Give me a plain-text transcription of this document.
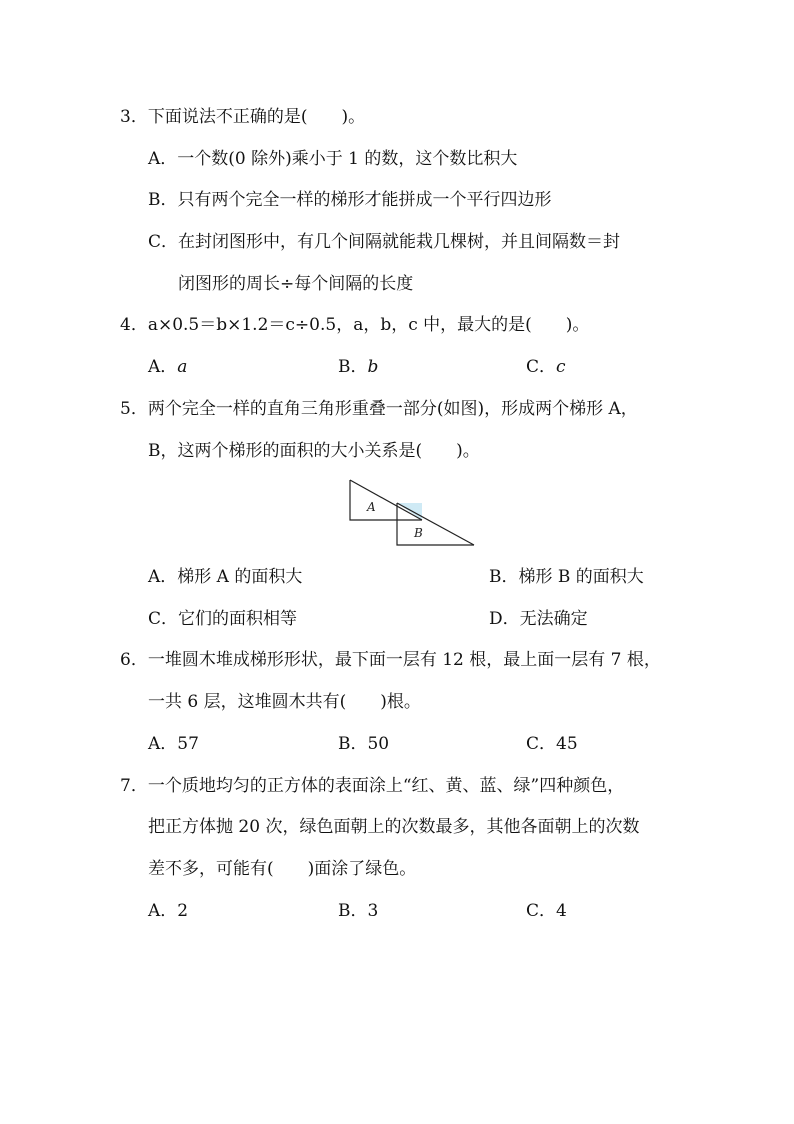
3．下面说法不正确的是(　　)。
A．一个数(0 除外)乘小于 1 的数，这个数比积大
B．只有两个完全一样的梯形才能拼成一个平行四边形
C．在封闭图形中，有几个间隔就能栽几棵树，并且间隔数＝封
闭图形的周长÷每个间隔的长度
4．a×0.5＝b×1.2＝c÷0.5，a，b，c 中，最大的是(　　)。
A．a	B．b	C．c
5．两个完全一样的直角三角形重叠一部分(如图)，形成两个梯形 A，
B，这两个梯形的面积的大小关系是(　　)。
A
B
A．梯形 A 的面积大	B．梯形 B 的面积大
C．它们的面积相等	D．无法确定
6．一堆圆木堆成梯形形状，最下面一层有 12 根，最上面一层有 7 根，
一共 6 层，这堆圆木共有(　　)根。
A．57	B．50	C．45
7．一个质地均匀的正方体的表面涂上“红、黄、蓝、绿”四种颜色，
把正方体抛 20 次，绿色面朝上的次数最多，其他各面朝上的次数
差不多，可能有(　　)面涂了绿色。
A．2	B．3	C．4
